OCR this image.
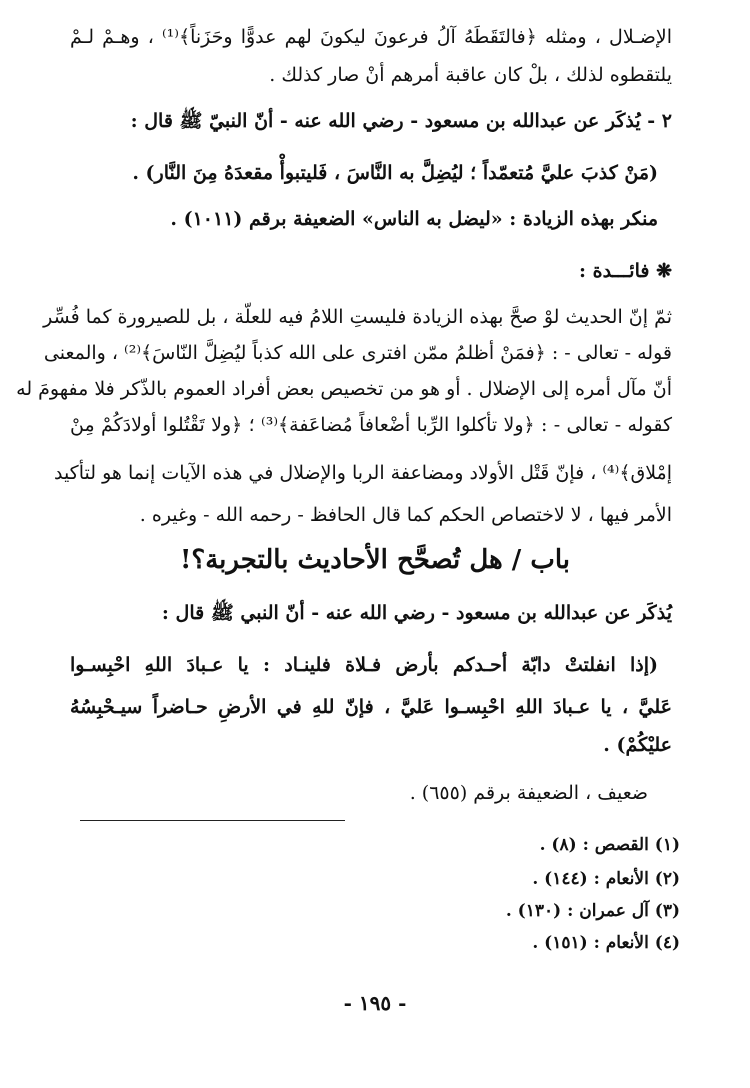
الإضـلال ، ومثله ﴿فالتَقَطَهُ آلُ فرعونَ ليكونَ لهم عدوًّا وحَزَناً﴾⁽¹⁾ ، وهـمْ لـمْ
يلتقطوه لذلك ، بلْ كان عاقبة أمرهم أنْ صار كذلك .
٢ - يُذكَر عن عبدالله بن مسعود - رضي الله عنه - أنّ النبيّ ﷺ قال :
(مَنْ كذبَ عليَّ مُتعمّداً ؛ ليُضِلَّ به النَّاسَ ، فَليتبوأْ مقعدَهُ مِنَ النَّار) .
منكر بهذه الزيادة : «ليضل به الناس» الضعيفة برقم (١٠١١) .
❋ فائـــدة :
ثمّ إنّ الحديث لوْ صحَّ بهذه الزيادة فليستِ اللامُ فيه للعلّة ، بل للصيرورة كما فُسِّر
قوله - تعالى - : ﴿فمَنْ أظلمُ ممّن افترى على الله كذباً ليُضِلَّ النّاسَ﴾⁽²⁾ ، والمعنى
أنّ مآل أمره إلى الإضلال . أو هو من تخصيص بعض أفراد العموم بالذّكر فلا مفهومَ له
كقوله - تعالى - : ﴿ولا تأكلوا الرِّبا أضْعافاً مُضاعَفة﴾⁽³⁾ ؛ ﴿ولا تَقْتُلوا أولادَكُمْ مِنْ
إمْلاق﴾⁽⁴⁾ ، فإنّ قَتْل الأولاد ومضاعفة الربا والإضلال في هذه الآيات إنما هو لتأكيد
الأمر فيها ، لا لاختصاص الحكم كما قال الحافظ - رحمه الله - وغيره .
باب / هل تُصحَّح الأحاديث بالتجربة؟!
يُذكَر عن عبدالله بن مسعود - رضي الله عنه - أنّ النبي ﷺ قال :
(إذا انفلتتْ دابّة أحـدكم بأرض فـلاة فلينـاد : يا عـبادَ اللهِ احْبِسـوا
عَليَّ ، يا عـبادَ اللهِ احْبِسـوا عَليَّ ، فإنّ للهِ في الأرضِ حـاضراً سيـحْبِسُهُ
عليْكُمْ) .
ضعيف ، الضعيفة برقم (٦٥٥) .
(١) القصص : (٨) .
(٢) الأنعام : (١٤٤) .
(٣) آل عمران : (١٣٠) .
(٤) الأنعام : (١٥١) .
- ١٩٥ -
